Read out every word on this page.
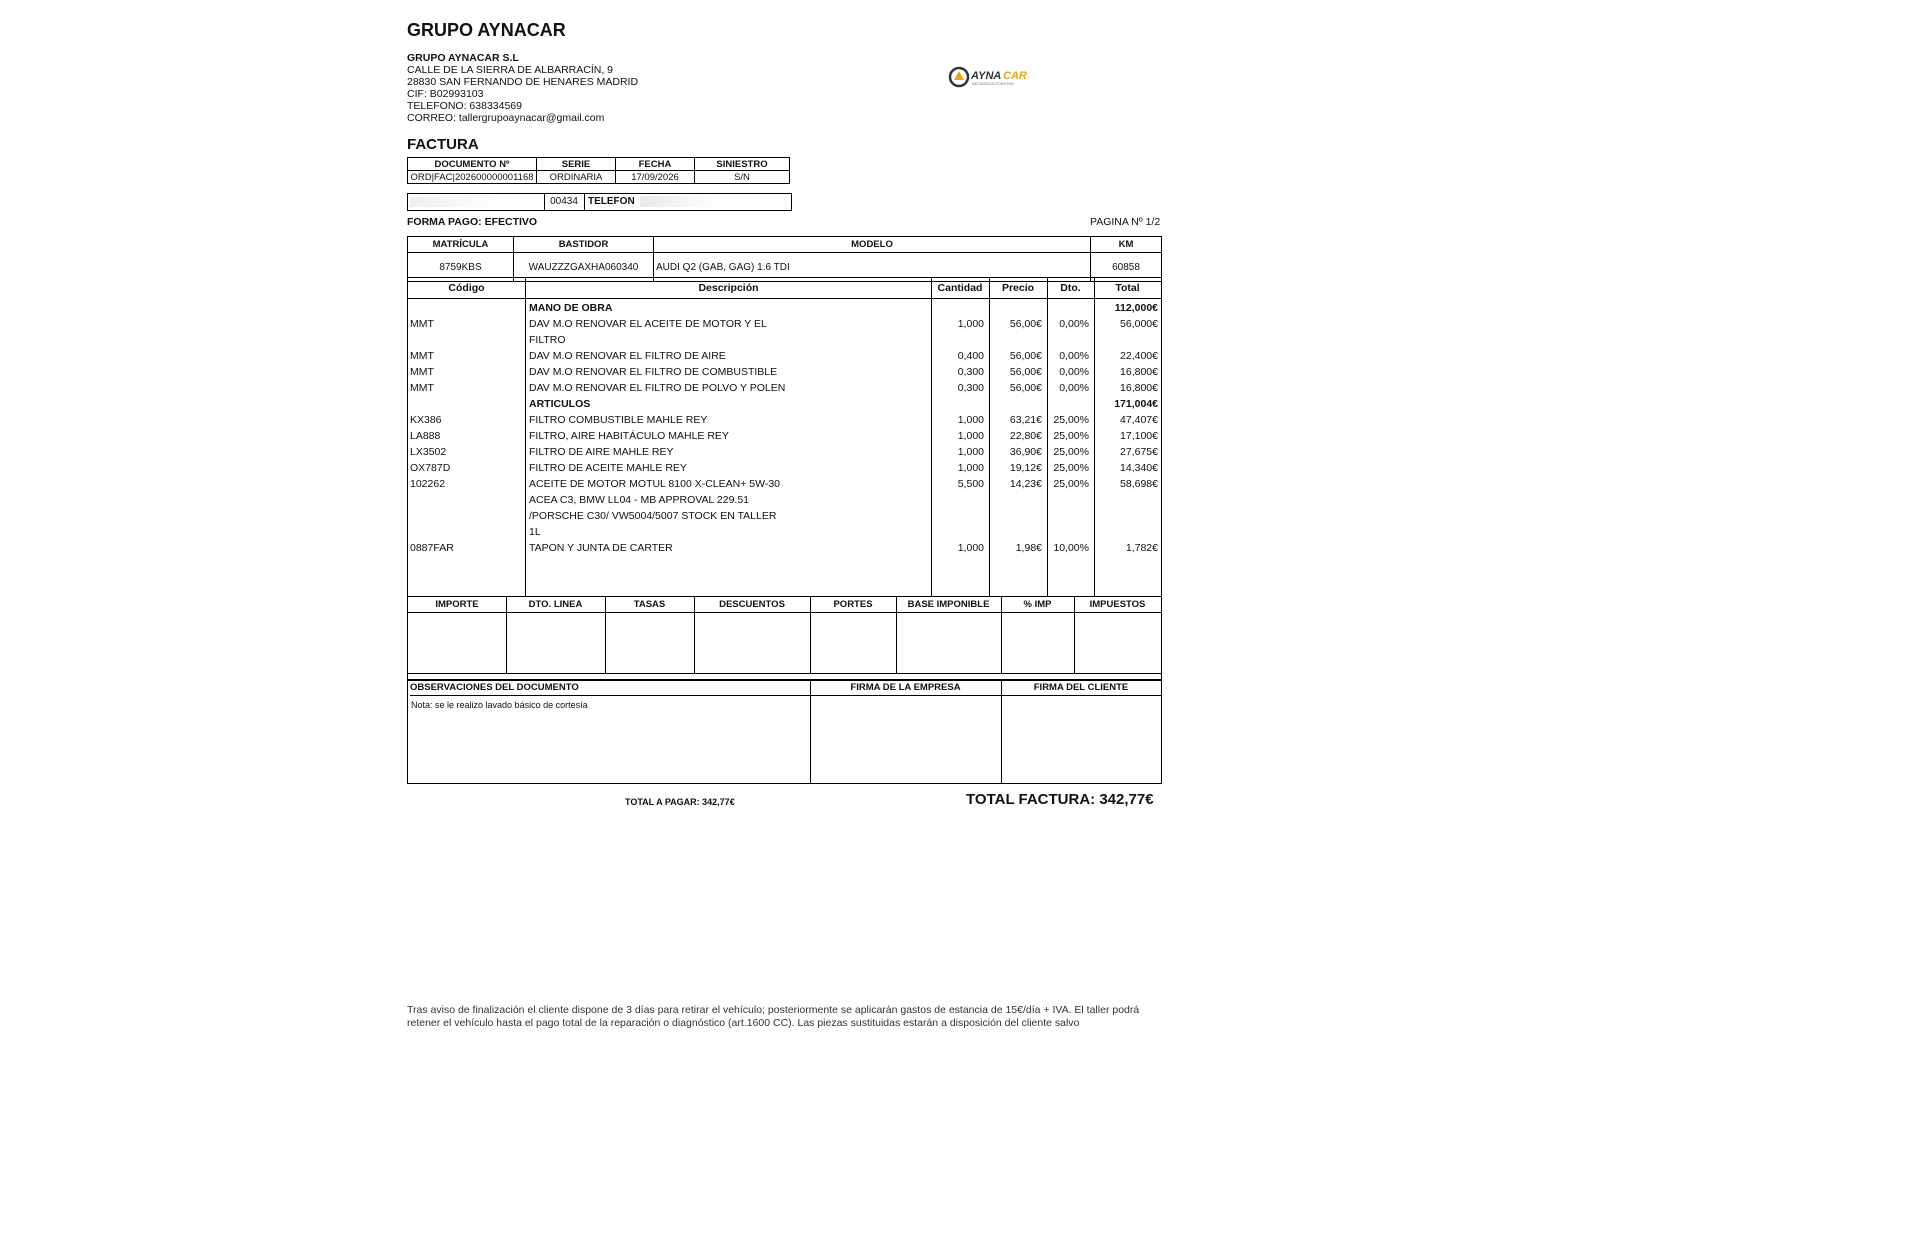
GRUPO AYNACAR
GRUPO AYNACAR S.L
CALLE DE LA SIERRA DE ALBARRACÍN, 9
28830 SAN FERNANDO DE HENARES MADRID
CIF: B02993103
TELEFONO: 638334569
CORREO: tallergrupoaynacar@gmail.com
AYNA CAR
MECÁNICA AUTOMOTRIZ
FACTURA
DOCUMENTO Nº	SERIE	FECHA	SINIESTRO
ORD|FAC|202600000001168	ORDINARIA	17/09/2026	S/N
00434	TELEFON
FORMA PAGO: EFECTIVO	PAGINA Nº 1/2
MATRÍCULA	BASTIDOR	MODELO	KM
8759KBS	WAUZZZGAXHA060340	AUDI Q2 (GAB, GAG) 1.6 TDI	60858
Código	Descripción	Cantidad	Precio	Dto.	Total
MANO DE OBRA	112,000€
MMT	DAV M.O RENOVAR EL ACEITE DE MOTOR Y EL	1,000 56,00€ 0,00%	56,000€
FILTRO
MMT	DAV M.O RENOVAR EL FILTRO DE AIRE	0,400 56,00€ 0,00%	22,400€
MMT	DAV M.O RENOVAR EL FILTRO DE COMBUSTIBLE	0,300 56,00€ 0,00%	16,800€
MMT	DAV M.O RENOVAR EL FILTRO DE POLVO Y POLEN	0,300 56,00€ 0,00%	16,800€
ARTICULOS	171,004€
KX386	FILTRO COMBUSTIBLE MAHLE REY	1,000 63,21€ 25,00%	47,407€
LA888	FILTRO, AIRE HABITÁCULO MAHLE REY	1,000 22,80€ 25,00%	17,100€
LX3502	FILTRO DE AIRE MAHLE REY	1,000 36,90€ 25,00%	27,675€
OX787D	FILTRO DE ACEITE MAHLE REY	1,000 19,12€ 25,00%	14,340€
102262	ACEITE DE MOTOR MOTUL 8100 X-CLEAN+ 5W-30	5,500 14,23€ 25,00%	58,698€
ACEA C3, BMW LL04 - MB APPROVAL 229.51
/PORSCHE C30/ VW5004/5007 STOCK EN TALLER
1L
0887FAR	TAPON Y JUNTA DE CARTER	1,000	1,98€ 10,00%	1,782€
IMPORTE	DTO. LINEA	TASAS	DESCUENTOS	PORTES	BASE IMPONIBLE	% IMP	IMPUESTOS
OBSERVACIONES DEL DOCUMENTO	FIRMA DE LA EMPRESA	FIRMA DEL CLIENTE
Nota: se le realizo lavado básico de cortesía
TOTAL A PAGAR: 342,77€	TOTAL FACTURA: 342,77€
Tras aviso de finalización el cliente dispone de 3 días para retirar el vehículo; posteriormente se aplicarán gastos de estancia de 15€/día + IVA. El taller podrá retener el vehículo hasta el pago total de la reparación o diagnóstico (art.1600 CC). Las piezas sustituidas estarán a disposición del cliente salvo
